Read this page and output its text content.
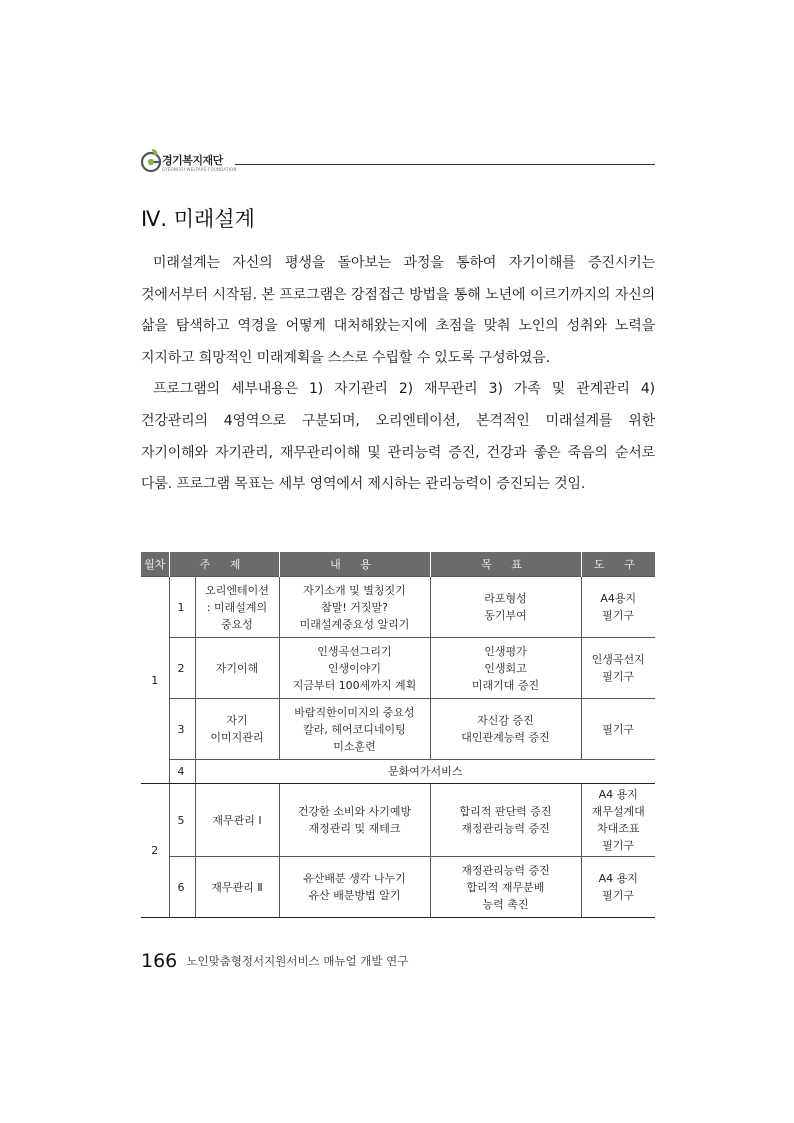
경기복지재단
GYEONGGI WELFARE FOUNDATION
Ⅳ. 미래설계

미래설계는 자신의 평생을 돌아보는 과정을 통하여 자기이해를 증진시키는 것에서부터 시작됨. 본 프로그램은 강점접근 방법을 통해 노년에 이르기까지의 자신의 삶을 탐색하고 역경을 어떻게 대처해왔는지에 초점을 맞춰 노인의 성취와 노력을 지지하고 희망적인 미래계획을 스스로 수립할 수 있도록 구성하였음.

프로그램의 세부내용은 1) 자기관리 2) 재무관리 3) 가족 및 관계관리 4) 건강관리의 4영역으로 구분되며, 오리엔테이션, 본격적인 미래설계를 위한 자기이해와 자기관리, 재무관리이해 및 관리능력 증진, 건강과 좋은 죽음의 순서로 다룸. 프로그램 목표는 세부 영역에서 제시하는 관리능력이 증진되는 것임.

월차	주 제		내 용	목 표	도 구
1	1	오리엔테이션
: 미래설계의
중요성	자기소개 및 별칭짓기
참말! 거짓말?
미래설계중요성 알리기	라포형성
동기부여	A4용지
필기구

	2	자기이해	인생곡선그리기
인생이야기
지금부터 100세까지 계획	인생평가
인생회고
미래기대 증진	인생곡선지
필기구

	3	자기
이미지관리	바람직한이미지의 중요성
칼라, 헤어코디네이팅
미소훈련	자신감 증진
대인관계능력 증진	필기구

	4	문화여가서비스			
2	5	재무관리 Ⅰ	건강한 소비와 사기예방
재정관리 및 재테크	합리적 판단력 증진
재정관리능력 증진	A4 용지
재무설계대
차대조표
필기구

	6	재무관리 Ⅱ	유산배분 생각 나누기
유산 배분방법 알기	재정관리능력 증진
합리적 재무분배
능력 촉진	A4 용지
필기구
166 노인맞춤형정서지원서비스 매뉴얼 개발 연구
